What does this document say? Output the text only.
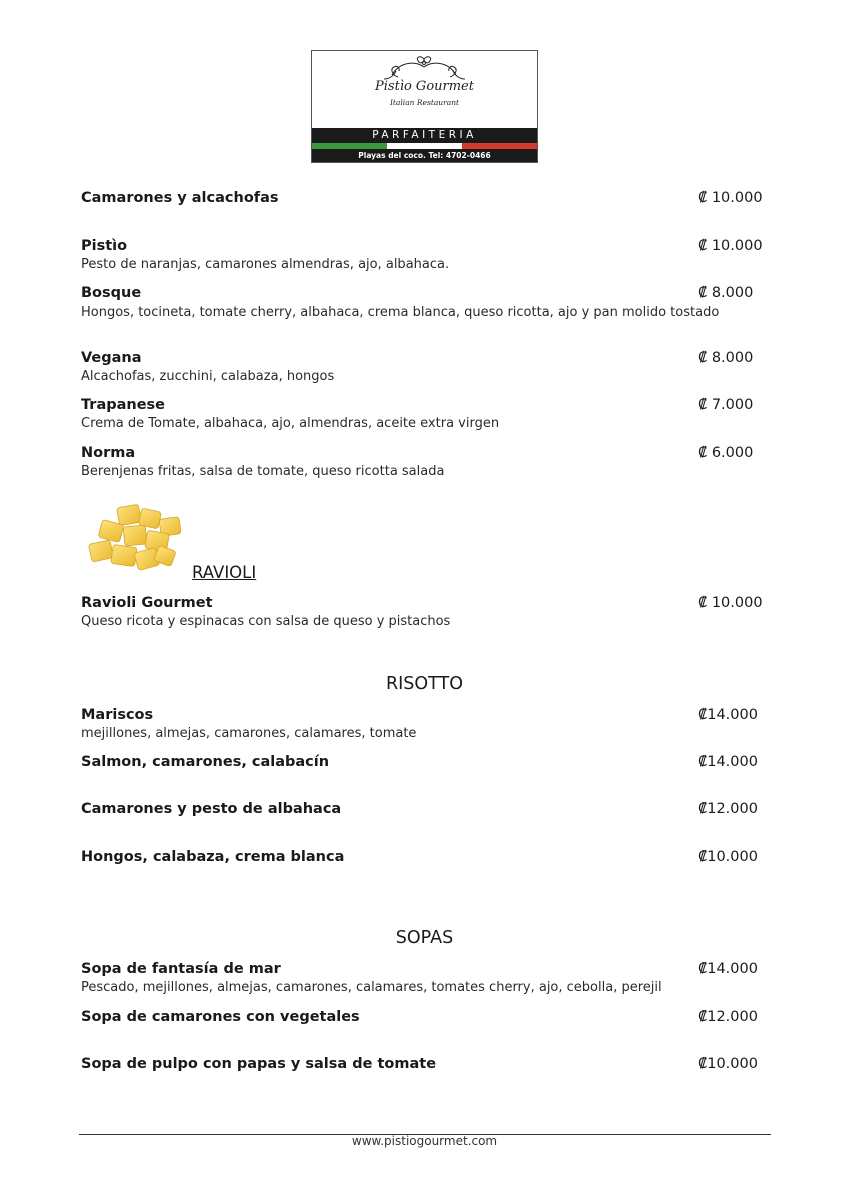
Pistìo Gourmet
Italian Restaurant
PARFAITERIA
Playas del coco. Tel: 4702-0466
Camarones y alcachofas	₡ 10.000
Pistìo	₡ 10.000
Pesto de naranjas, camarones almendras, ajo, albahaca.
Bosque	₡ 8.000
Hongos, tocineta, tomate cherry, albahaca, crema blanca, queso ricotta, ajo y pan molido tostado
Vegana	₡ 8.000
Alcachofas, zucchini, calabaza, hongos
Trapanese	₡ 7.000
Crema de Tomate, albahaca, ajo, almendras, aceite extra virgen
Norma	₡ 6.000
Berenjenas fritas, salsa de tomate, queso ricotta salada
RAVIOLI
Ravioli Gourmet	₡ 10.000
Queso ricota y espinacas con salsa de queso y pistachos
RISOTTO
Mariscos	₡14.000
mejillones, almejas, camarones, calamares, tomate
Salmon, camarones, calabacín	₡14.000
Camarones y pesto de albahaca	₡12.000
Hongos, calabaza, crema blanca	₡10.000
SOPAS
Sopa de fantasía de mar	₡14.000
Pescado, mejillones, almejas, camarones, calamares, tomates cherry, ajo, cebolla, perejil
Sopa de camarones con vegetales	₡12.000
Sopa de pulpo con papas y salsa de tomate	₡10.000
www.pistiogourmet.com
